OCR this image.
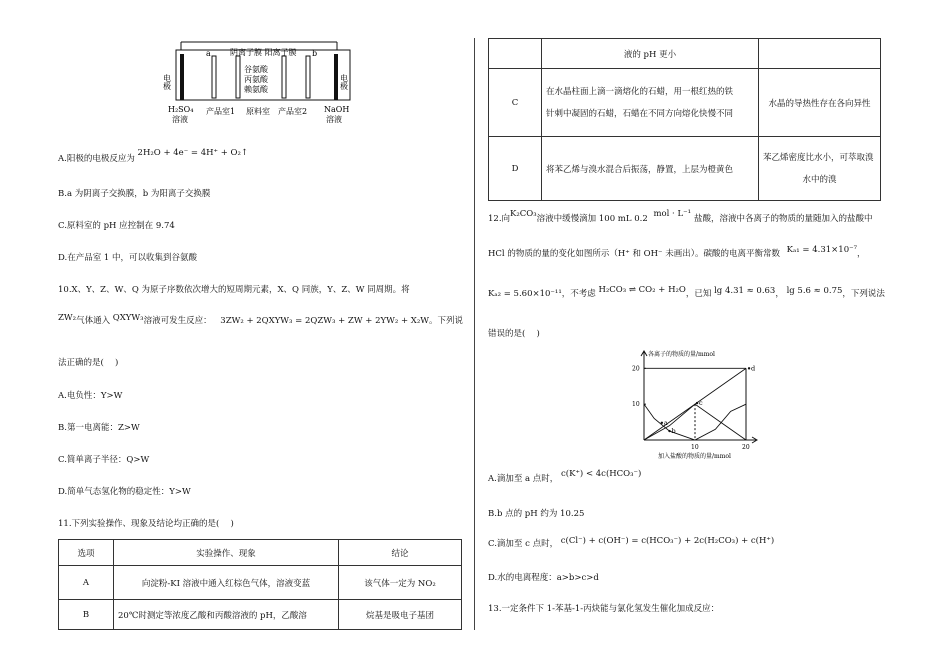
电极	电极
a	b
阴离子膜 阳离子膜
谷氨酸
丙氨酸
赖氨酸
H₂SO₄
溶液
产品室1 原料室 产品室2 NaOH
溶液
A.阳极的电极反应为 2H₂O + 4e⁻ = 4H⁺ + O₂↑
B.a 为阴离子交换膜，b 为阳离子交换膜
C.原料室的 pH 应控制在 9.74
D.在产品室 1 中，可以收集到谷氨酸
10.X、Y、Z、W、Q 为原子序数依次增大的短周期元素，X、Q 同族，Y、Z、W 同周期。将
ZW₂气体通入 QXYW₃溶液可发生反应： 3ZW₂ + 2QXYW₃ = 2QZW₃ + ZW + 2YW₂ + X₂W。下列说
法正确的是(　 )
A.电负性：Y>W
B.第一电离能：Z>W
C.简单离子半径：Q>W
D.简单气态氢化物的稳定性：Y>W
11.下列实验操作、现象及结论均正确的是(　 )
选项	实验操作、现象	结论
A	向淀粉-KI 溶液中通入红棕色气体，溶液变蓝	该气体一定为 NO₂
B	20℃时测定等浓度乙酸和丙酸溶液的 pH，乙酸溶	烷基是吸电子基团
	液的 pH 更小	
C	在水晶柱面上滴一滴熔化的石蜡，用一根红热的铁
针刺中凝固的石蜡，石蜡在不同方向熔化快慢不同	水晶的导热性存在各向异性
D	将苯乙烯与溴水混合后振荡，静置，上层为橙黄色	苯乙烯密度比水小，可萃取溴
水中的溴
12.向K₂CO₃溶液中缓慢滴加 100 mL 0.2 mol · L⁻¹ 盐酸，溶液中各离子的物质的量随加入的盐酸中
HCl 的物质的量的变化如图所示（H⁺ 和 OH⁻ 未画出）。碳酸的电离平衡常数 Kₐ₁ = 4.31×10⁻⁷，
Kₐ₂ = 5.60×10⁻¹¹，不考虑 H₂CO₃ ⇌ CO₂ + H₂O，已知 lg 4.31 ≈ 0.63， lg 5.6 ≈ 0.75，下列说法
错误的是(　 )
各离子的物质的量/mmol
加入盐酸的物质的量/mmol
10	20
10
20
a
b
c
d
A.滴加至 a 点时， c(K⁺) < 4c(HCO₃⁻)
B.b 点的 pH 约为 10.25
C.滴加至 c 点时， c(Cl⁻) + c(OH⁻) = c(HCO₃⁻) + 2c(H₂CO₃) + c(H⁺)
D.水的电离程度：a>b>c>d
13.一定条件下 1-苯基-1-丙炔能与氯化氢发生催化加成反应：
